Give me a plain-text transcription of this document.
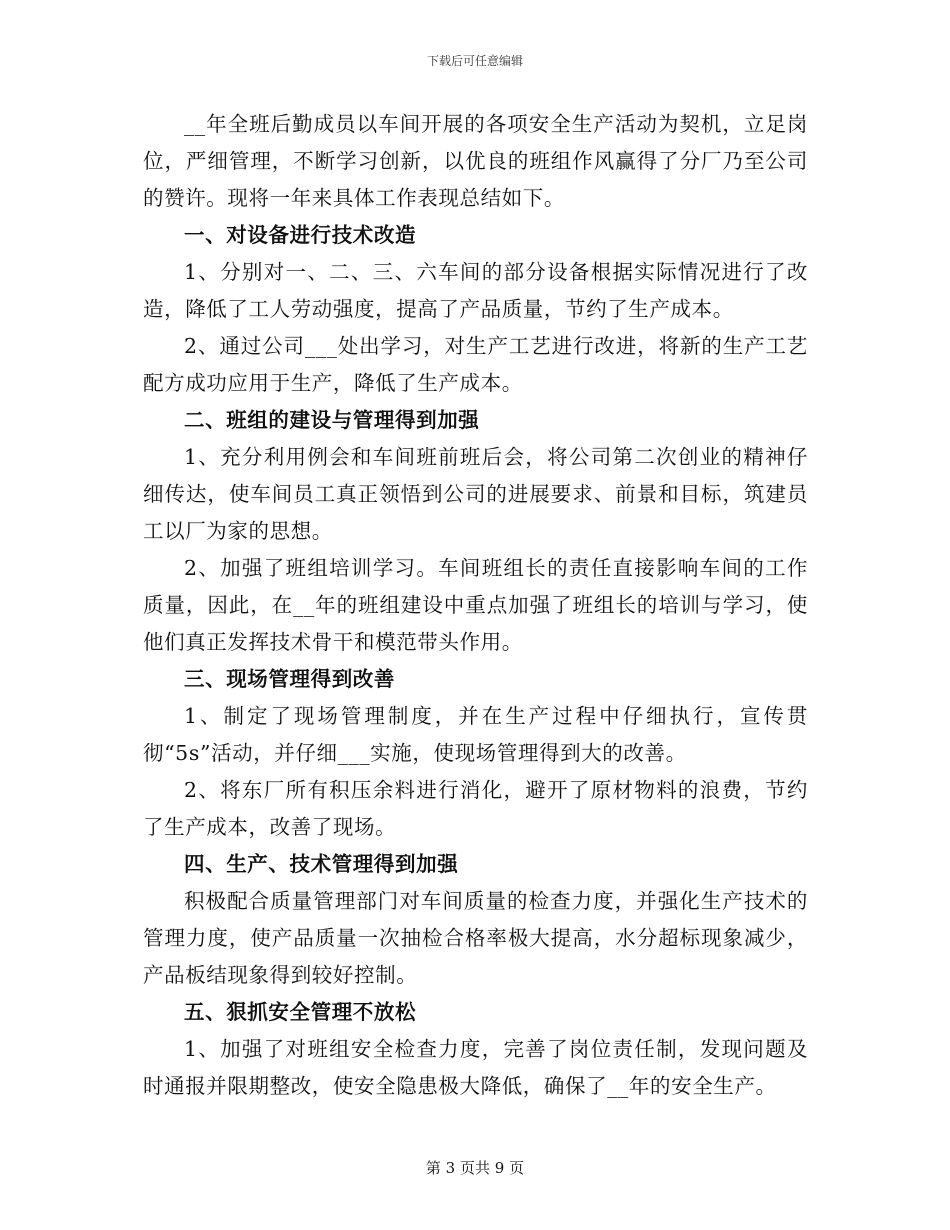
下载后可任意编辑

__年全班后勤成员以车间开展的各项安全生产活动为契机，立足岗位，严细管理，不断学习创新，以优良的班组作风赢得了分厂乃至公司的赞许。现将一年来具体工作表现总结如下。

一、对设备进行技术改造

1、分别对一、二、三、六车间的部分设备根据实际情况进行了改造，降低了工人劳动强度，提高了产品质量，节约了生产成本。

2、通过公司___处出学习，对生产工艺进行改进，将新的生产工艺配方成功应用于生产，降低了生产成本。

二、班组的建设与管理得到加强

1、充分利用例会和车间班前班后会，将公司第二次创业的精神仔细传达，使车间员工真正领悟到公司的进展要求、前景和目标，筑建员工以厂为家的思想。

2、加强了班组培训学习。车间班组长的责任直接影响车间的工作质量，因此，在__年的班组建设中重点加强了班组长的培训与学习，使他们真正发挥技术骨干和模范带头作用。

三、现场管理得到改善

1、制定了现场管理制度，并在生产过程中仔细执行，宣传贯彻“5s”活动，并仔细___实施，使现场管理得到大的改善。

2、将东厂所有积压余料进行消化，避开了原材物料的浪费，节约了生产成本，改善了现场。

四、生产、技术管理得到加强

积极配合质量管理部门对车间质量的检查力度，并强化生产技术的管理力度，使产品质量一次抽检合格率极大提高，水分超标现象减少，产品板结现象得到较好控制。

五、狠抓安全管理不放松

1、加强了对班组安全检查力度，完善了岗位责任制，发现问题及时通报并限期整改，使安全隐患极大降低，确保了__年的安全生产。

第 3 页共 9 页
